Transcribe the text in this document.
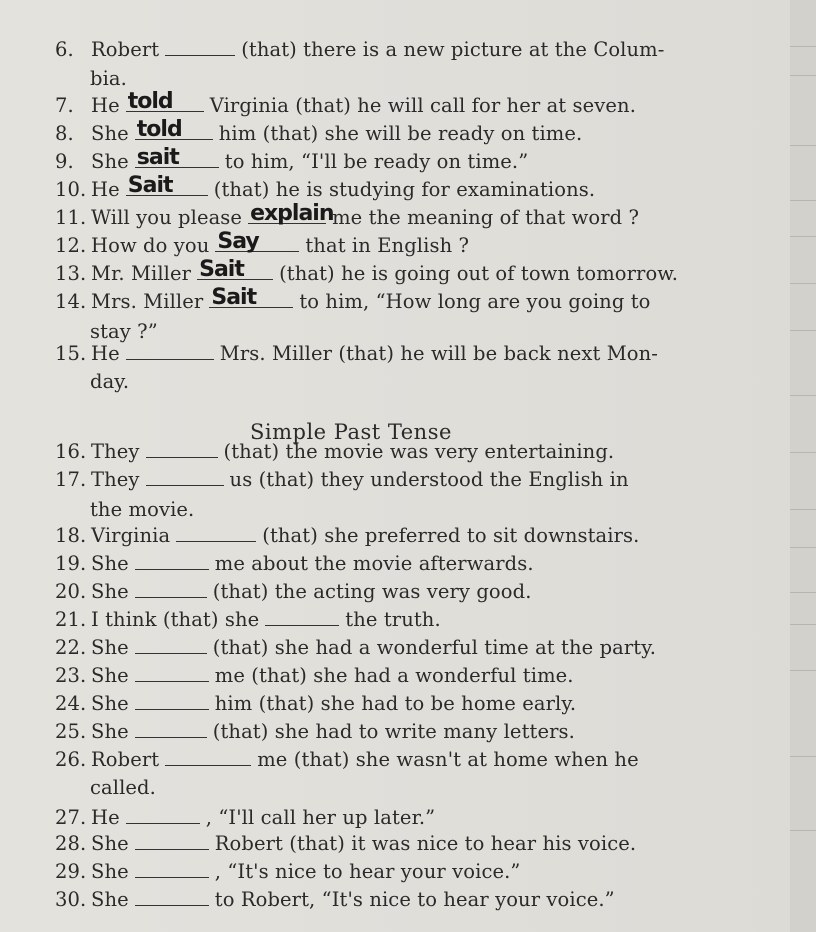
6. Robert	(that) there is a new picture at the Colum-
bia.
7. He told Virginia (that) he will call for her at seven.
8. She told him (that) she will be ready on time.
9. She sait to him, “I'll be ready on time.”
10. He Sait (that) he is studying for examinations.
11. Will you please explain
me the meaning of that word ?
12. How do you Say that in English ?
13. Mr. Miller Sait (that) he is going out of town tomorrow.
14. Mrs. Miller Sait to him, “How long are you going to
stay ?”
15. He	Mrs. Miller (that) he will be back next Mon-
day.
16. They	(that) the movie was very entertaining.
17. They	us (that) they understood the English in
the movie.
18. Virginia	(that) she preferred to sit downstairs.
19. She	me about the movie afterwards.
20. She	(that) the acting was very good.
21. I think (that) she	the truth.
22. She	(that) she had a wonderful time at the party.
23. She	me (that) she had a wonderful time.
24. She	him (that) she had to be home early.
25. She	(that) she had to write many letters.
26. Robert	me (that) she wasn't at home when he
called.
27. He	, “I'll call her up later.”
28. She	Robert (that) it was nice to hear his voice.
29. She	, “It's nice to hear your voice.”
30. She	to Robert, “It's nice to hear your voice.”
Simple Past Tense
